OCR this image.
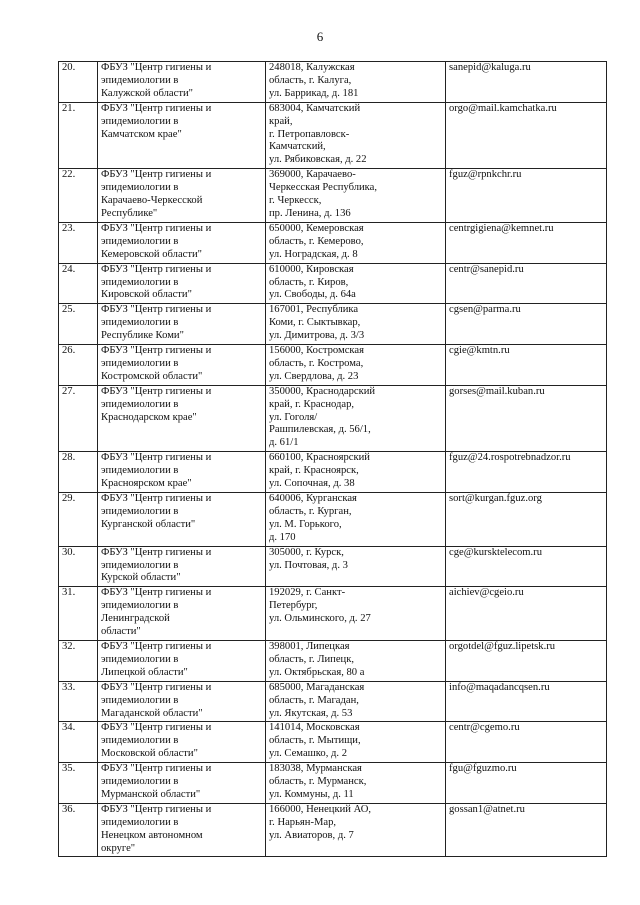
6
20.	ФБУЗ "Центр гигиены и
эпидемиологии в
Калужской области"	248018, Калужская
область, г. Калуга,
ул. Баррикад, д. 181	sanepid@kaluga.ru
21.	ФБУЗ "Центр гигиены и
эпидемиологии в
Камчатском крае"	683004, Камчатский
край,
г. Петропавловск-
Камчатский,
ул. Рябиковская, д. 22	orgo@mail.kamchatka.ru
22.	ФБУЗ "Центр гигиены и
эпидемиологии в
Карачаево-Черкесской
Республике"	369000, Карачаево-
Черкесская Республика,
г. Черкесск,
пр. Ленина, д. 136	fguz@rpnkchr.ru
23.	ФБУЗ "Центр гигиены и
эпидемиологии в
Кемеровской области"	650000, Кемеровская
область, г. Кемерово,
ул. Ноградская, д. 8	centrgigiena@kemnet.ru
24.	ФБУЗ "Центр гигиены и
эпидемиологии в
Кировской области"	610000, Кировская
область, г. Киров,
ул. Свободы, д. 64а	centr@sanepid.ru
25.	ФБУЗ "Центр гигиены и
эпидемиологии в
Республике Коми"	167001, Республика
Коми, г. Сыктывкар,
ул. Димитрова, д. 3/3	cgsen@parma.ru
26.	ФБУЗ "Центр гигиены и
эпидемиологии в
Костромской области"	156000, Костромская
область, г. Кострома,
ул. Свердлова, д. 23	cgie@kmtn.ru
27.	ФБУЗ "Центр гигиены и
эпидемиологии в
Краснодарском крае"	350000, Краснодарский
край, г. Краснодар,
ул. Гоголя/
Рашпилевская, д. 56/1,
д. 61/1	gorses@mail.kuban.ru
28.	ФБУЗ "Центр гигиены и
эпидемиологии в
Красноярском крае"	660100, Красноярский
край, г. Красноярск,
ул. Сопочная, д. 38	fguz@24.rospotrebnadzor.ru
29.	ФБУЗ "Центр гигиены и
эпидемиологии в
Курганской области"	640006, Курганская
область, г. Курган,
ул. М. Горького,
д. 170	sort@kurgan.fguz.org
30.	ФБУЗ "Центр гигиены и
эпидемиологии в
Курской области"	305000, г. Курск,
ул. Почтовая, д. 3	cge@kursktelecom.ru
31.	ФБУЗ "Центр гигиены и
эпидемиологии в
Ленинградской
области"	192029, г. Санкт-
Петербург,
ул. Ольминского, д. 27	aichiev@cgeio.ru
32.	ФБУЗ "Центр гигиены и
эпидемиологии в
Липецкой области"	398001, Липецкая
область, г. Липецк,
ул. Октябрьская, 80 а	orgotdel@fguz.lipetsk.ru
33.	ФБУЗ "Центр гигиены и
эпидемиологии в
Магаданской области"	685000, Магаданская
область, г. Магадан,
ул. Якутская, д. 53	info@maqadancqsen.ru
34.	ФБУЗ "Центр гигиены и
эпидемиологии в
Московской области"	141014, Московская
область, г. Мытищи,
ул. Семашко, д. 2	centr@cgemo.ru
35.	ФБУЗ "Центр гигиены и
эпидемиологии в
Мурманской области"	183038, Мурманская
область, г. Мурманск,
ул. Коммуны, д. 11	fgu@fguzmo.ru
36.	ФБУЗ "Центр гигиены и
эпидемиологии в
Ненецком автономном
округе"	166000, Ненецкий АО,
г. Нарьян-Мар,
ул. Авиаторов, д. 7	gossan1@atnet.ru
